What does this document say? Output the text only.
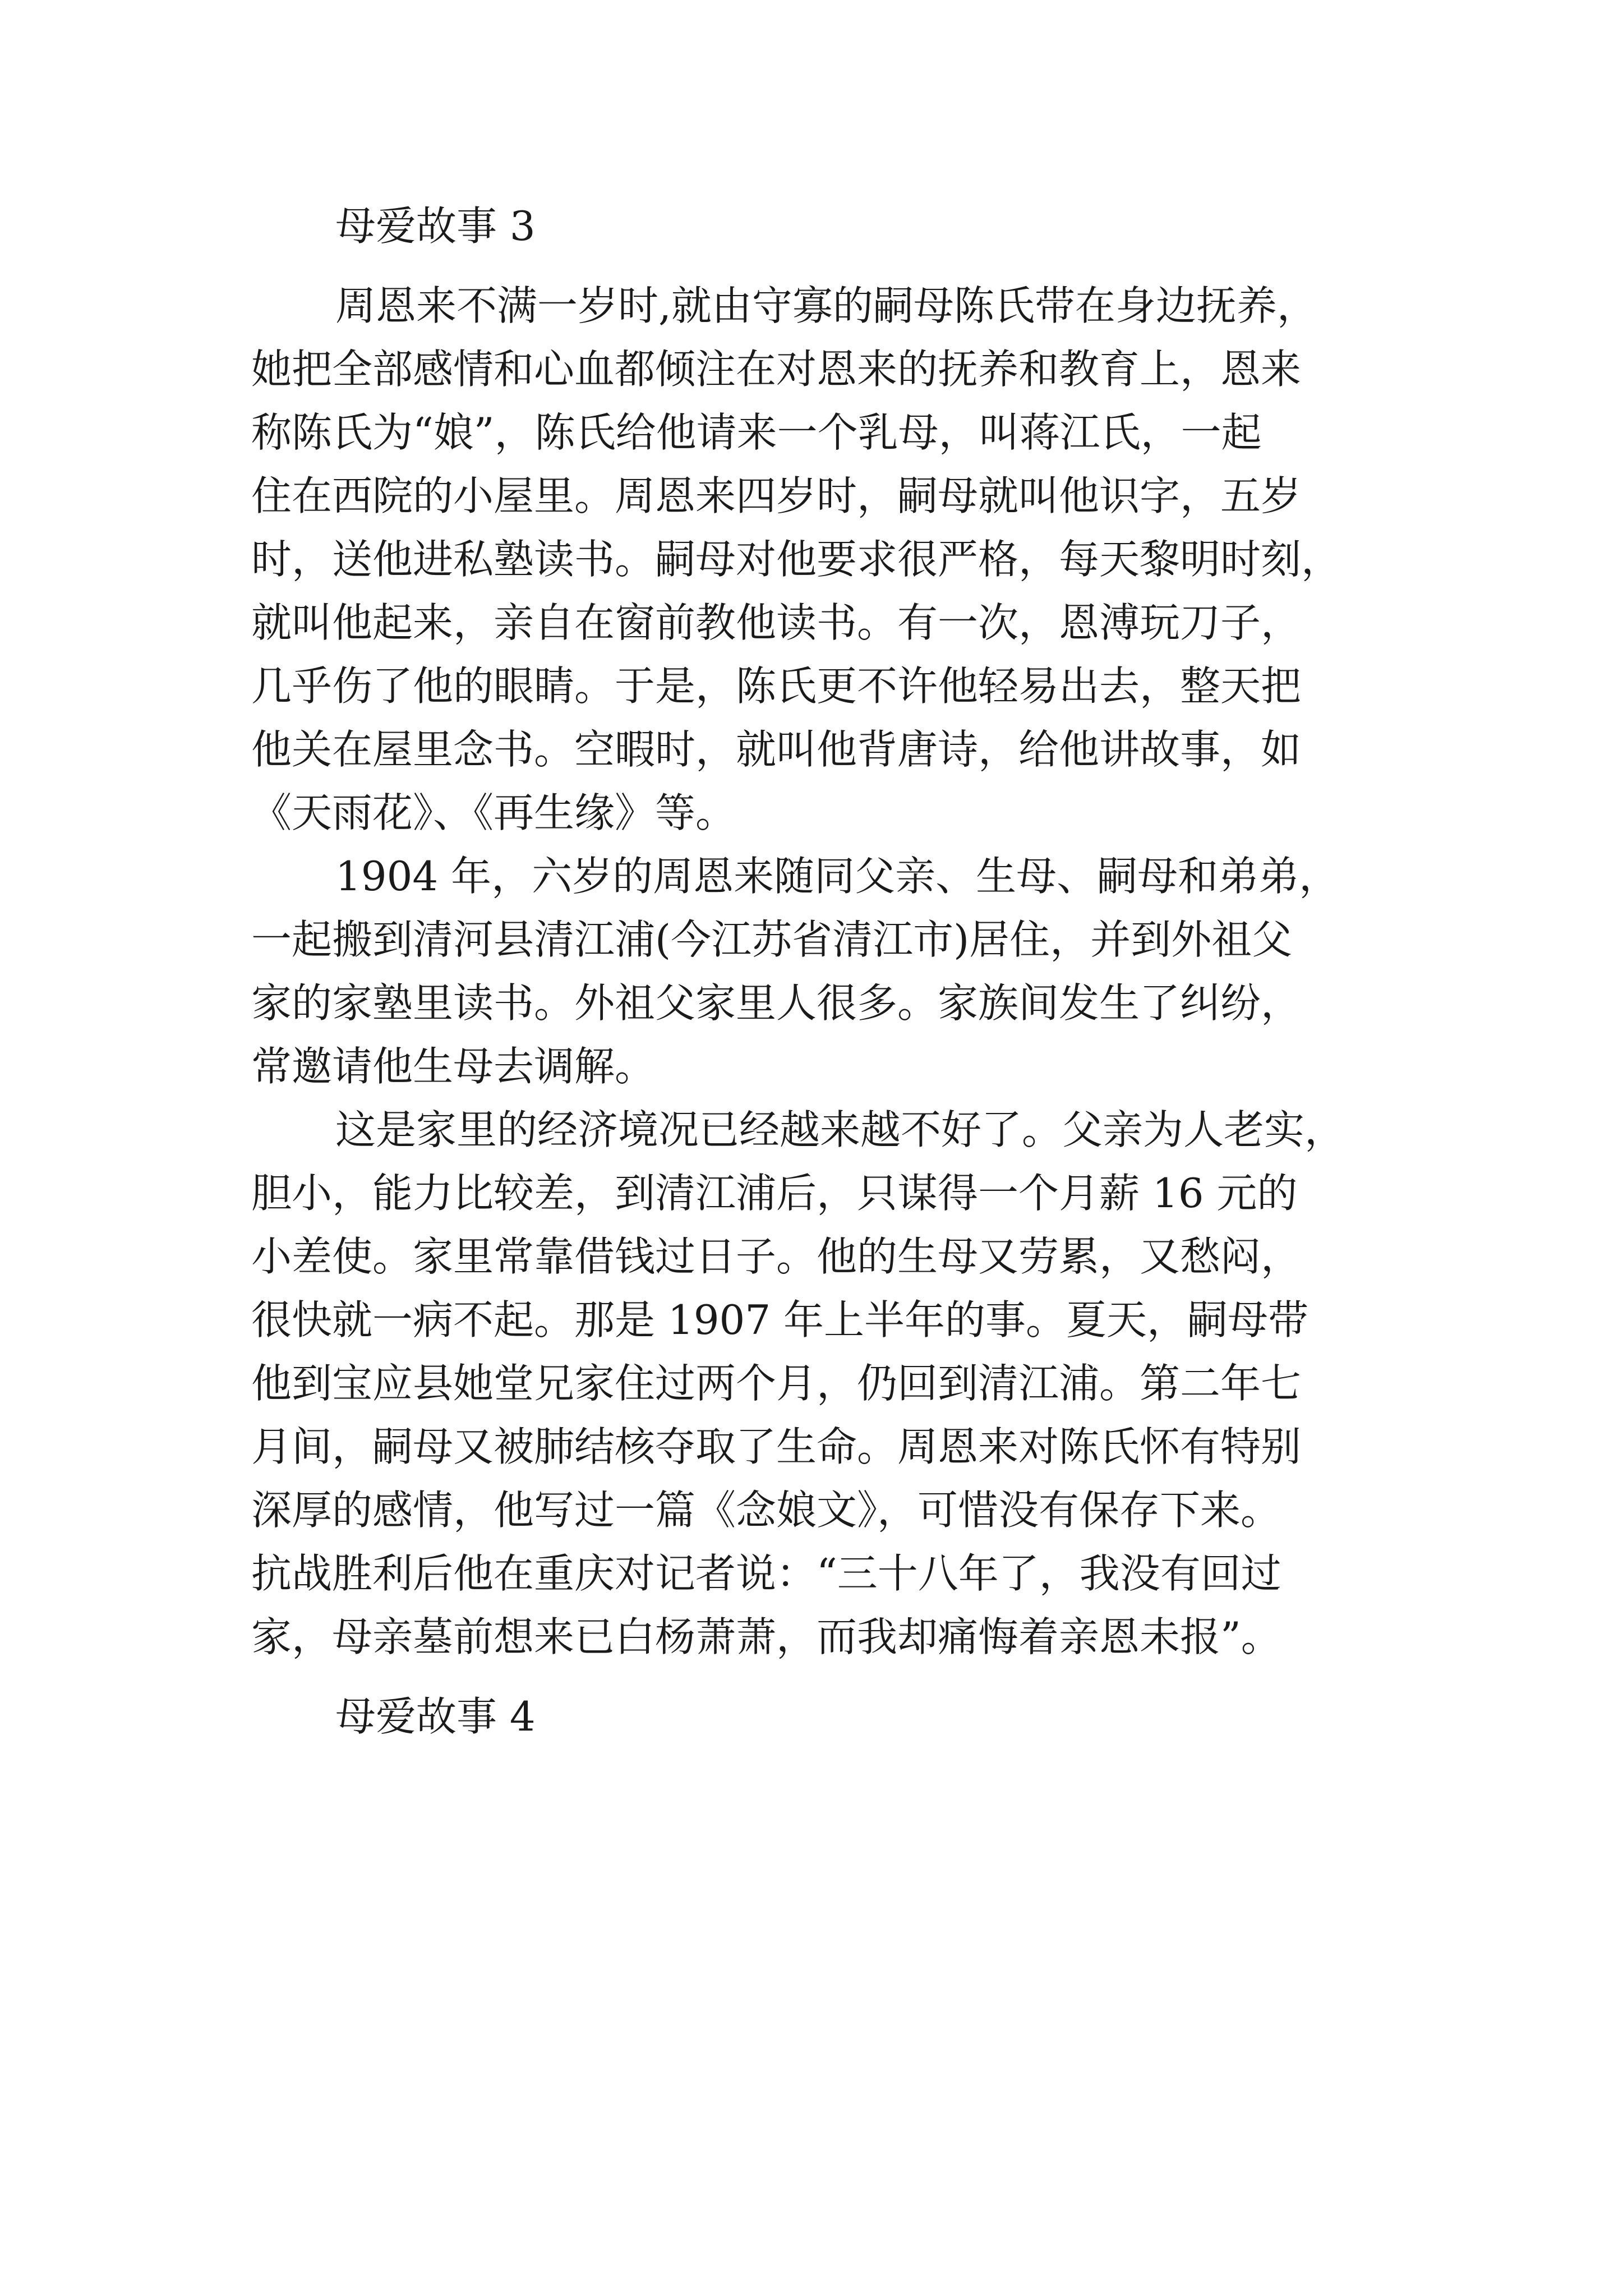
母爱故事 3

周恩来不满一岁时,就由守寡的嗣母陈氏带在身边抚养，
她把全部感情和心血都倾注在对恩来的抚养和教育上，恩来
称陈氏为“娘”，陈氏给他请来一个乳母，叫蒋江氏，一起
住在西院的小屋里。周恩来四岁时，嗣母就叫他识字，五岁
时，送他进私塾读书。嗣母对他要求很严格，每天黎明时刻，
就叫他起来，亲自在窗前教他读书。有一次，恩溥玩刀子，
几乎伤了他的眼睛。于是，陈氏更不许他轻易出去，整天把
他关在屋里念书。空暇时，就叫他背唐诗，给他讲故事，如
《天雨花》、《再生缘》等。
1904 年，六岁的周恩来随同父亲、生母、嗣母和弟弟，
一起搬到清河县清江浦(今江苏省清江市)居住，并到外祖父
家的家塾里读书。外祖父家里人很多。家族间发生了纠纷，
常邀请他生母去调解。
这是家里的经济境况已经越来越不好了。父亲为人老实，
胆小，能力比较差，到清江浦后，只谋得一个月薪 16 元的
小差使。家里常靠借钱过日子。他的生母又劳累，又愁闷，
很快就一病不起。那是 1907 年上半年的事。夏天，嗣母带
他到宝应县她堂兄家住过两个月，仍回到清江浦。第二年七
月间，嗣母又被肺结核夺取了生命。周恩来对陈氏怀有特别
深厚的感情，他写过一篇《念娘文》，可惜没有保存下来。
抗战胜利后他在重庆对记者说：“三十八年了，我没有回过
家，母亲墓前想来已白杨萧萧，而我却痛悔着亲恩未报”。

母爱故事 4
